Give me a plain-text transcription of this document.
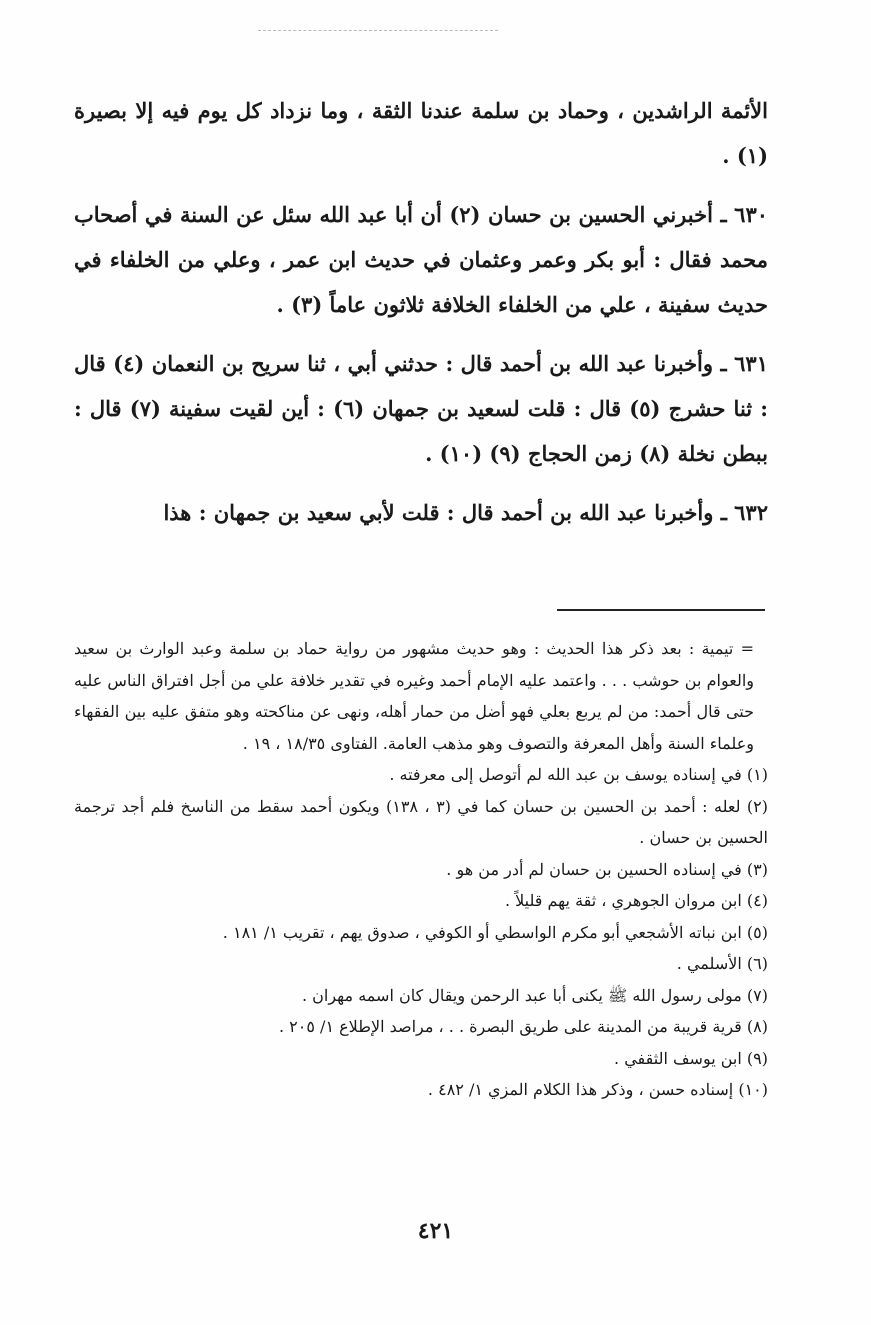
الأئمة الراشدين ، وحماد بن سلمة عندنا الثقة ، وما نزداد كل يوم فيه إلا بصيرة (١) .

٦٣٠ ـ أخبرني الحسين بن حسان (٢) أن أبا عبد الله سئل عن السنة في أصحاب محمد فقال : أبو بكر وعمر وعثمان في حديث ابن عمر ، وعلي من الخلفاء في حديث سفينة ، علي من الخلفاء الخلافة ثلاثون عاماً (٣) .

٦٣١ ـ وأخبرنا عبد الله بن أحمد قال : حدثني أبي ، ثنا سريح بن النعمان (٤) قال : ثنا حشرج (٥) قال : قلت لسعيد بن جمهان (٦) : أين لقيت سفينة (٧) قال : ببطن نخلة (٨) زمن الحجاج (٩) (١٠) .

٦٣٢ ـ وأخبرنا عبد الله بن أحمد قال : قلت لأبي سعيد بن جمهان : هذا

= تيمية : بعد ذكر هذا الحديث : وهو حديث مشهور من رواية حماد بن سلمة وعبد الوارث بن سعيد والعوام بن حوشب . . . واعتمد عليه الإمام أحمد وغيره في تقدير خلافة علي من أجل افتراق الناس عليه حتى قال أحمد: من لم يربع بعلي فهو أضل من حمار أهله، ونهى عن مناكحته وهو متفق عليه بين الفقهاء وعلماء السنة وأهل المعرفة والتصوف وهو مذهب العامة. الفتاوى ١٨/٣٥ ، ١٩ .

(١) في إسناده يوسف بن عبد الله لم أتوصل إلى معرفته .

(٢) لعله : أحمد بن الحسين بن حسان كما في (٣ ، ١٣٨) ويكون أحمد سقط من الناسخ فلم أجد ترجمة الحسين بن حسان .

(٣) في إسناده الحسين بن حسان لم أدر من هو .

(٤) ابن مروان الجوهري ، ثقة يهم قليلاً .

(٥) ابن نباته الأشجعي أبو مكرم الواسطي أو الكوفي ، صدوق يهم ، تقريب ١/ ١٨١ .

(٦) الأسلمي .

(٧) مولى رسول الله ﷺ يكنى أبا عبد الرحمن ويقال كان اسمه مهران .

(٨) قرية قريبة من المدينة على طريق البصرة . . ، مراصد الإطلاع ١/ ٢٠٥ .

(٩) ابن يوسف الثقفي .

(١٠) إسناده حسن ، وذكر هذا الكلام المزي ١/ ٤٨٢ .

٤٢١
